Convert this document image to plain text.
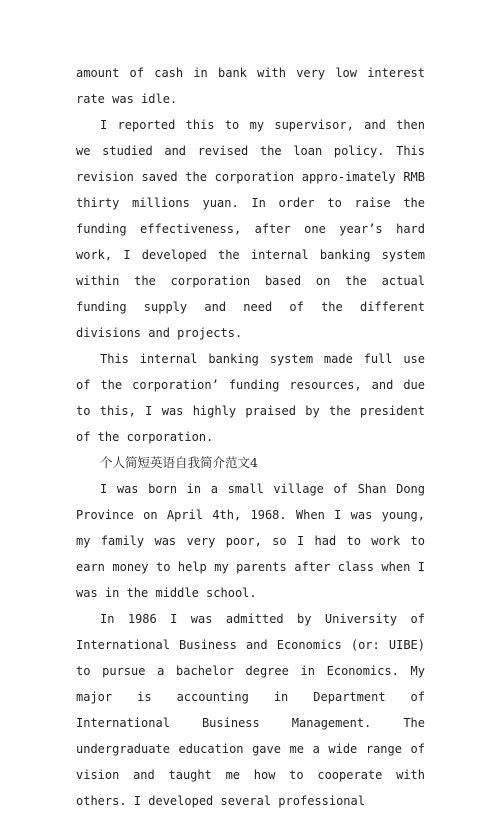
amount of cash in bank with very low interest rate was idle.

I reported this to my supervisor, and then we studied and revised the loan policy. This revision saved the corporation appro-imately RMB thirty millions yuan. In order to raise the funding effectiveness, after one year’s hard work, I developed the internal banking system within the corporation based on the actual funding supply and need of the different divisions and projects.

This internal banking system made full use of the corporation’ funding resources, and due to this, I was highly praised by the president of the corporation.

个人简短英语自我简介范文4

I was born in a small village of Shan Dong Province on April 4th, 1968. When I was young, my family was very poor, so I had to work to earn money to help my parents after class when I was in the middle school.

In 1986 I was admitted by University of International Business and Economics (or: UIBE) to pursue a bachelor degree in Economics. My major is accounting in Department of International Business Management. The undergraduate education gave me a wide range of vision and taught me how to cooperate with others. I developed several professional
